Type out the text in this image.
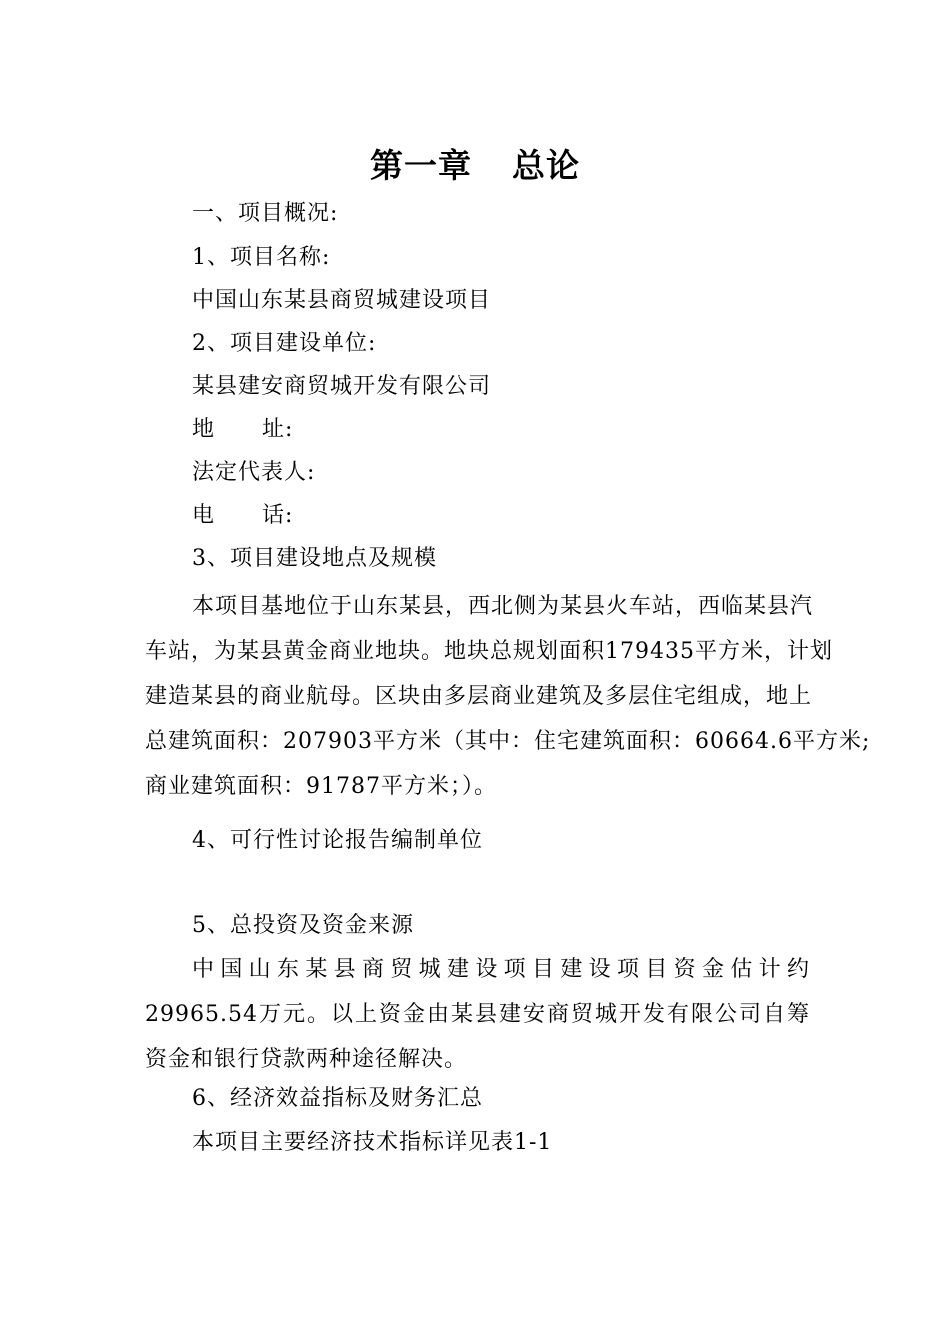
第一章 总论
一、项目概况:
1、项目名称:
中国山东某县商贸城建设项目
2、项目建设单位:
某县建安商贸城开发有限公司
地 址:
法定代表人:
电 话:
3、项目建设地点及规模
本项目基地位于山东某县，西北侧为某县火车站，西临某县汽
车站，为某县黄金商业地块。地块总规划面积179435平方米，计划
建造某县的商业航母。区块由多层商业建筑及多层住宅组成，地上
总建筑面积：207903平方米（其中：住宅建筑面积：60664.6平方米;
商业建筑面积：91787平方米；）。
4、可行性讨论报告编制单位
5、总投资及资金来源
中国山东某县商贸城建设项目建设项目资金估计约
29965.54万元。以上资金由某县建安商贸城开发有限公司自筹
资金和银行贷款两种途径解决。
6、经济效益指标及财务汇总
本项目主要经济技术指标详见表1-1
